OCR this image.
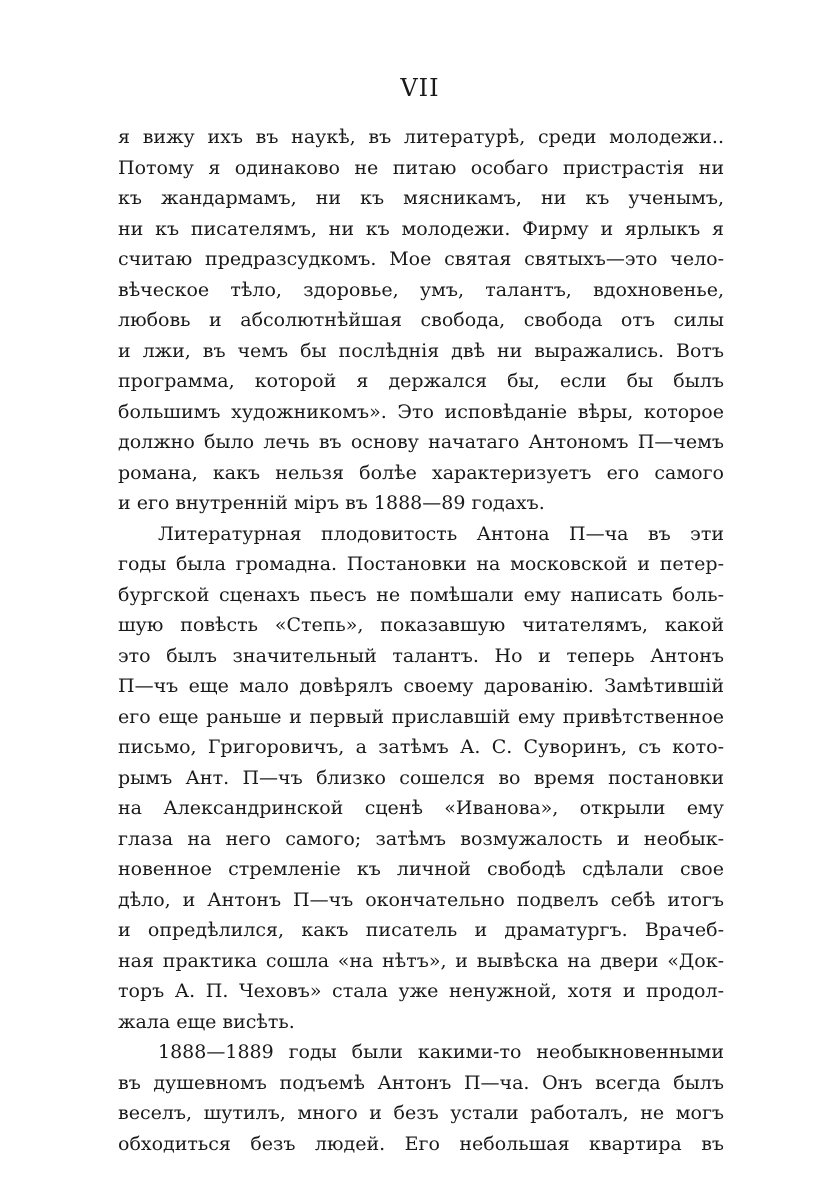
VII
я вижу ихъ въ наукѣ, въ литературѣ, среди молодежи..
Потому я одинаково не питаю особаго пристрастія ни
къ жандармамъ, ни къ мясникамъ, ни къ ученымъ,
ни къ писателямъ, ни къ молодежи. Фирму и ярлыкъ я
считаю предразсудкомъ. Мое святая святыхъ—это чело-
вѣческое тѣло, здоровье, умъ, талантъ, вдохновенье,
любовь и абсолютнѣйшая свобода, свобода отъ силы
и лжи, въ чемъ бы послѣднія двѣ ни выражались. Вотъ
программа, которой я держался бы, если бы былъ
большимъ художникомъ». Это исповѣданіе вѣры, которое
должно было лечь въ основу начатаго Антономъ П—чемъ
романа, какъ нельзя болѣе характеризуетъ его самого
и его внутренній міръ въ 1888—89 годахъ.
Литературная плодовитость Антона П—ча въ эти
годы была громадна. Постановки на московской и петер-
бургской сценахъ пьесъ не помѣшали ему написать боль-
шую повѣсть «Степь», показавшую читателямъ, какой
это былъ значительный талантъ. Но и теперь Антонъ
П—чъ еще мало довѣрялъ своему дарованію. Замѣтившій
его еще раньше и первый приславшій ему привѣтственное
письмо, Григоровичъ, а затѣмъ А. С. Суворинъ, съ кото-
рымъ Ант. П—чъ близко сошелся во время постановки
на Александринской сценѣ «Иванова», открыли ему
глаза на него самого; затѣмъ возмужалость и необык-
новенное стремленіе къ личной свободѣ сдѣлали свое
дѣло, и Антонъ П—чъ окончательно подвелъ себѣ итогъ
и опредѣлился, какъ писатель и драматургъ. Врачеб-
ная практика сошла «на нѣтъ», и вывѣска на двери «Док-
торъ А. П. Чеховъ» стала уже ненужной, хотя и продол-
жала еще висѣть.
1888—1889 годы были какими-то необыкновенными
въ душевномъ подъемѣ Антонъ П—ча. Онъ всегда былъ
веселъ, шутилъ, много и безъ устали работалъ, не могъ
обходиться безъ людей. Его небольшая квартира въ
